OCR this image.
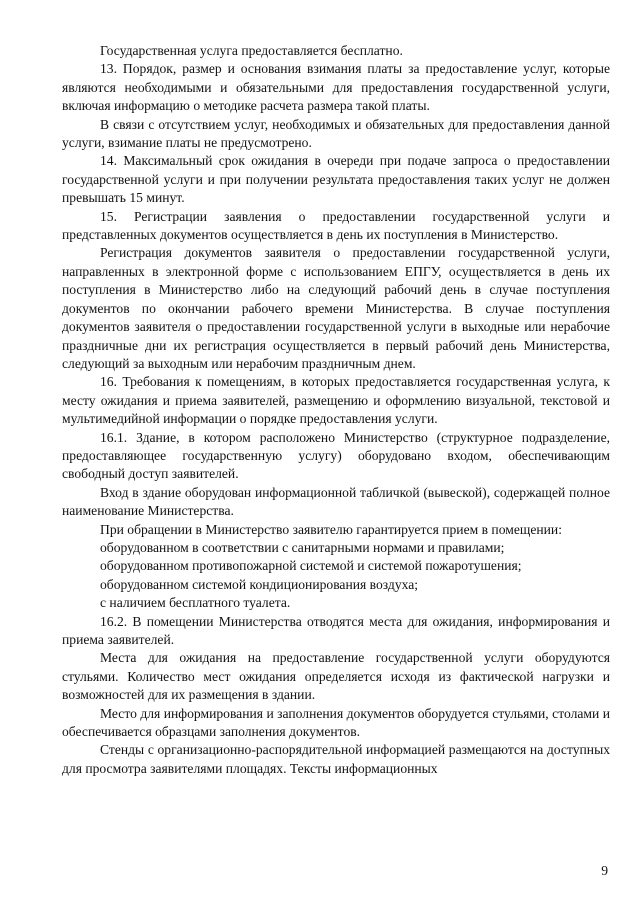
Государственная услуга предоставляется бесплатно.

13. Порядок, размер и основания взимания платы за предоставление услуг, которые являются необходимыми и обязательными для предоставления государственной услуги, включая информацию о методике расчета размера такой платы.

В связи с отсутствием услуг, необходимых и обязательных для предоставления данной услуги, взимание платы не предусмотрено.

14. Максимальный срок ожидания в очереди при подаче запроса о предоставлении государственной услуги и при получении результата предоставления таких услуг не должен превышать 15 минут.

15. Регистрации заявления о предоставлении государственной услуги и представленных документов осуществляется в день их поступления в Министерство.

Регистрация документов заявителя о предоставлении государственной услуги, направленных в электронной форме с использованием ЕПГУ, осуществляется в день их поступления в Министерство либо на следующий рабочий день в случае поступления документов по окончании рабочего времени Министерства. В случае поступления документов заявителя о предоставлении государственной услуги в выходные или нерабочие праздничные дни их регистрация осуществляется в первый рабочий день Министерства, следующий за выходным или нерабочим праздничным днем.

16. Требования к помещениям, в которых предоставляется государственная услуга, к месту ожидания и приема заявителей, размещению и оформлению визуальной, текстовой и мультимедийной информации о порядке предоставления услуги.

16.1. Здание, в котором расположено Министерство (структурное подразделение, предоставляющее государственную услугу) оборудовано входом, обеспечивающим свободный доступ заявителей.

Вход в здание оборудован информационной табличкой (вывеской), содержащей полное наименование Министерства.

При обращении в Министерство заявителю гарантируется прием в помещении:

оборудованном в соответствии с санитарными нормами и правилами;

оборудованном противопожарной системой и системой пожаротушения;

оборудованном системой кондиционирования воздуха;

с наличием бесплатного туалета.

16.2. В помещении Министерства отводятся места для ожидания, информирования и приема заявителей.

Места для ожидания на предоставление государственной услуги оборудуются стульями. Количество мест ожидания определяется исходя из фактической нагрузки и возможностей для их размещения в здании.

Место для информирования и заполнения документов оборудуется стульями, столами и обеспечивается образцами заполнения документов.

Стенды с организационно-распорядительной информацией размещаются на доступных для просмотра заявителями площадях. Тексты информационных

9
